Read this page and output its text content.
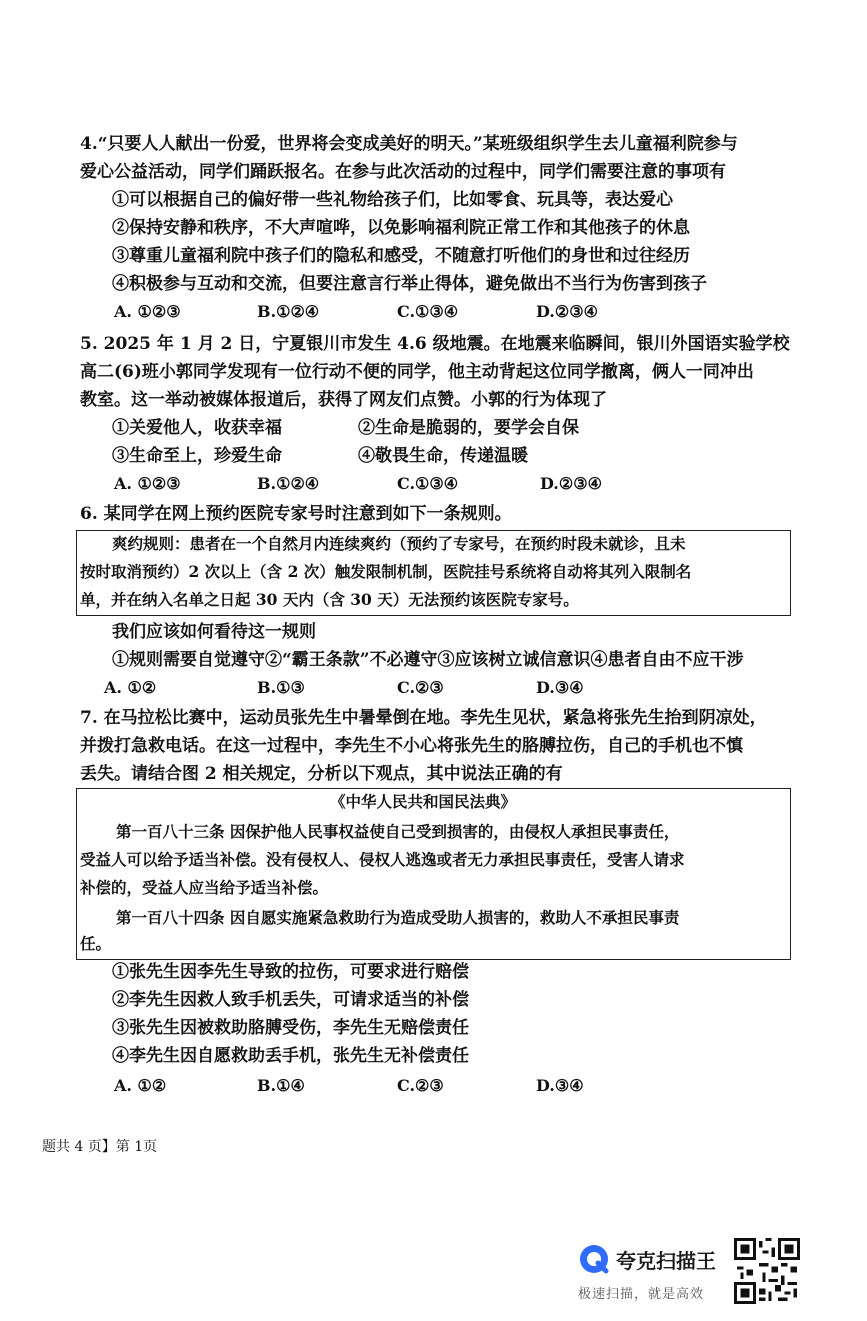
4.“只要人人献出一份爱，世界将会变成美好的明天。”某班级组织学生去儿童福利院参与
爱心公益活动，同学们踊跃报名。在参与此次活动的过程中，同学们需要注意的事项有
①可以根据自己的偏好带一些礼物给孩子们，比如零食、玩具等，表达爱心
②保持安静和秩序，不大声喧哗，以免影响福利院正常工作和其他孩子的休息
③尊重儿童福利院中孩子们的隐私和感受，不随意打听他们的身世和过往经历
④积极参与互动和交流，但要注意言行举止得体，避免做出不当行为伤害到孩子
A. ①②③	B.①②④	C.①③④	D.②③④
5. 2025 年 1 月 2 日，宁夏银川市发生 4.6 级地震。在地震来临瞬间，银川外国语实验学校
高二(6)班小郭同学发现有一位行动不便的同学，他主动背起这位同学撤离，俩人一同冲出
教室。这一举动被媒体报道后，获得了网友们点赞。小郭的行为体现了
①关爱他人，收获幸福	②生命是脆弱的，要学会自保
③生命至上，珍爱生命	④敬畏生命，传递温暖
A. ①②③	B.①②④	C.①③④	D.②③④
6. 某同学在网上预约医院专家号时注意到如下一条规则。
爽约规则：患者在一个自然月内连续爽约（预约了专家号，在预约时段未就诊，且未
按时取消预约）2 次以上（含 2 次）触发限制机制，医院挂号系统将自动将其列入限制名
单，并在纳入名单之日起 30 天内（含 30 天）无法预约该医院专家号。
我们应该如何看待这一规则
①规则需要自觉遵守②“霸王条款”不必遵守③应该树立诚信意识④患者自由不应干涉
A. ①②	B.①③	C.②③	D.③④
7. 在马拉松比赛中，运动员张先生中暑晕倒在地。李先生见状，紧急将张先生抬到阴凉处，
并拨打急救电话。在这一过程中，李先生不小心将张先生的胳膊拉伤，自己的手机也不慎
丢失。请结合图 2 相关规定，分析以下观点，其中说法正确的有
《中华人民共和国民法典》
第一百八十三条 因保护他人民事权益使自己受到损害的，由侵权人承担民事责任，
受益人可以给予适当补偿。没有侵权人、侵权人逃逸或者无力承担民事责任，受害人请求
补偿的，受益人应当给予适当补偿。
第一百八十四条 因自愿实施紧急救助行为造成受助人损害的，救助人不承担民事责
任。
①张先生因李先生导致的拉伤，可要求进行赔偿
②李先生因救人致手机丢失，可请求适当的补偿
③张先生因被救助胳膊受伤，李先生无赔偿责任
④李先生因自愿救助丢手机，张先生无补偿责任
A. ①②	B.①④	C.②③	D.③④
题共 4 页】第 1页
夸克扫描王
极速扫描，就是高效
